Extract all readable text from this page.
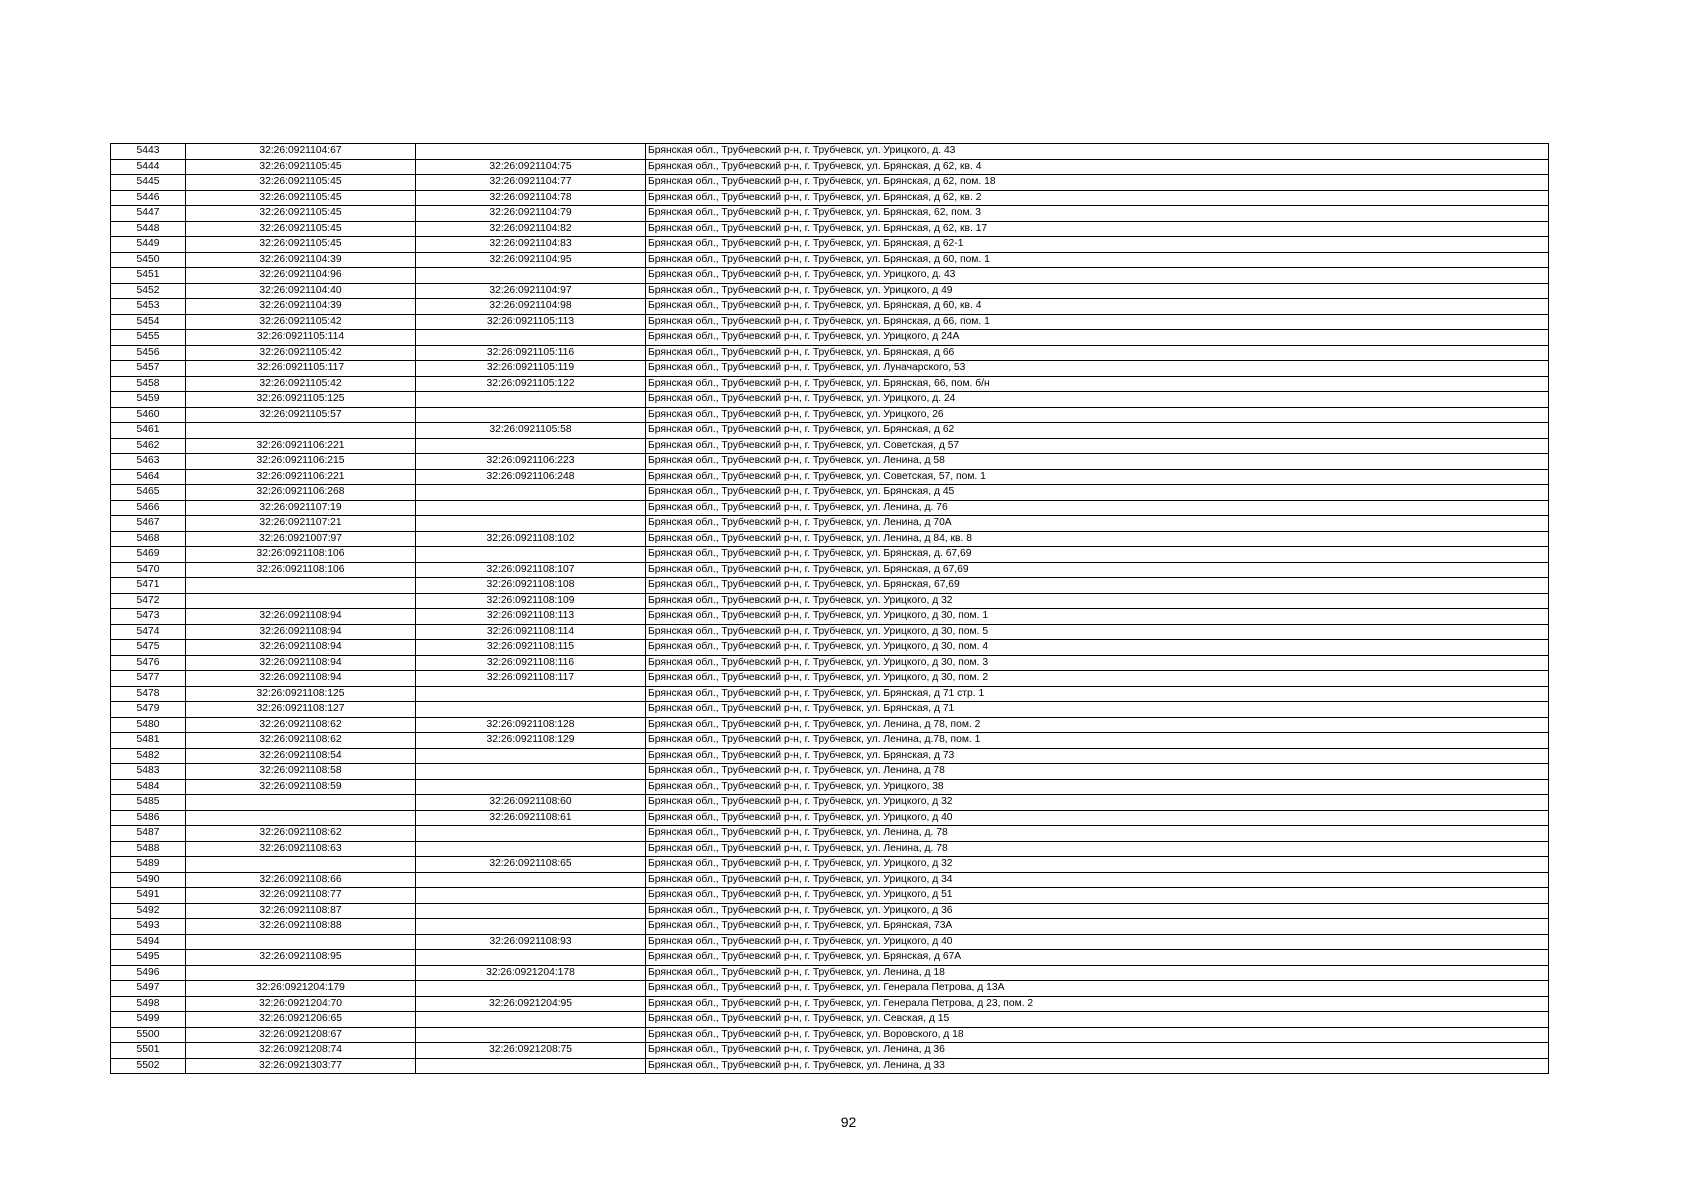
5443	32:26:0921104:67		Брянская обл., Трубчевский р-н, г. Трубчевск, ул. Урицкого, д. 43
5444	32:26:0921105:45	32:26:0921104:75	Брянская обл., Трубчевский р-н, г. Трубчевск, ул. Брянская, д 62, кв. 4
5445	32:26:0921105:45	32:26:0921104:77	Брянская обл., Трубчевский р-н, г. Трубчевск, ул. Брянская, д 62, пом. 18
5446	32:26:0921105:45	32:26:0921104:78	Брянская обл., Трубчевский р-н, г. Трубчевск, ул. Брянская, д 62, кв. 2
5447	32:26:0921105:45	32:26:0921104:79	Брянская обл., Трубчевский р-н, г. Трубчевск, ул. Брянская, 62, пом. 3
5448	32:26:0921105:45	32:26:0921104:82	Брянская обл., Трубчевский р-н, г. Трубчевск, ул. Брянская, д 62, кв. 17
5449	32:26:0921105:45	32:26:0921104:83	Брянская обл., Трубчевский р-н, г. Трубчевск, ул. Брянская, д 62-1
5450	32:26:0921104:39	32:26:0921104:95	Брянская обл., Трубчевский р-н, г. Трубчевск, ул. Брянская, д 60, пом. 1
5451	32:26:0921104:96		Брянская обл., Трубчевский р-н, г. Трубчевск, ул. Урицкого, д. 43
5452	32:26:0921104:40	32:26:0921104:97	Брянская обл., Трубчевский р-н, г. Трубчевск, ул. Урицкого, д 49
5453	32:26:0921104:39	32:26:0921104:98	Брянская обл., Трубчевский р-н, г. Трубчевск, ул. Брянская, д 60, кв. 4
5454	32:26:0921105:42	32:26:0921105:113	Брянская обл., Трубчевский р-н, г. Трубчевск, ул. Брянская, д 66, пом. 1
5455	32:26:0921105:114		Брянская обл., Трубчевский р-н, г. Трубчевск, ул. Урицкого, д 24А
5456	32:26:0921105:42	32:26:0921105:116	Брянская обл., Трубчевский р-н, г. Трубчевск, ул. Брянская, д 66
5457	32:26:0921105:117	32:26:0921105:119	Брянская обл., Трубчевский р-н, г. Трубчевск, ул. Луначарского, 53
5458	32:26:0921105:42	32:26:0921105:122	Брянская обл., Трубчевский р-н, г. Трубчевск, ул. Брянская, 66, пом. б/н
5459	32:26:0921105:125		Брянская обл., Трубчевский р-н, г. Трубчевск, ул. Урицкого, д. 24
5460	32:26:0921105:57		Брянская обл., Трубчевский р-н, г. Трубчевск, ул. Урицкого, 26
5461		32:26:0921105:58	Брянская обл., Трубчевский р-н, г. Трубчевск, ул. Брянская, д 62
5462	32:26:0921106:221		Брянская обл., Трубчевский р-н, г. Трубчевск, ул. Советская, д 57
5463	32:26:0921106:215	32:26:0921106:223	Брянская обл., Трубчевский р-н, г. Трубчевск, ул. Ленина, д 58
5464	32:26:0921106:221	32:26:0921106:248	Брянская обл., Трубчевский р-н, г. Трубчевск, ул. Советская, 57, пом. 1
5465	32:26:0921106:268		Брянская обл., Трубчевский р-н, г. Трубчевск, ул. Брянская, д 45
5466	32:26:0921107:19		Брянская обл., Трубчевский р-н, г. Трубчевск, ул. Ленина, д. 76
5467	32:26:0921107:21		Брянская обл., Трубчевский р-н, г. Трубчевск, ул. Ленина, д 70А
5468	32:26:0921007:97	32:26:0921108:102	Брянская обл., Трубчевский р-н, г. Трубчевск, ул. Ленина, д 84, кв. 8
5469	32:26:0921108:106		Брянская обл., Трубчевский р-н, г. Трубчевск, ул. Брянская, д. 67,69
5470	32:26:0921108:106	32:26:0921108:107	Брянская обл., Трубчевский р-н, г. Трубчевск, ул. Брянская, д 67,69
5471		32:26:0921108:108	Брянская обл., Трубчевский р-н, г. Трубчевск, ул. Брянская, 67,69
5472		32:26:0921108:109	Брянская обл., Трубчевский р-н, г. Трубчевск, ул. Урицкого, д 32
5473	32:26:0921108:94	32:26:0921108:113	Брянская обл., Трубчевский р-н, г. Трубчевск, ул. Урицкого, д 30, пом. 1
5474	32:26:0921108:94	32:26:0921108:114	Брянская обл., Трубчевский р-н, г. Трубчевск, ул. Урицкого, д 30, пом. 5
5475	32:26:0921108:94	32:26:0921108:115	Брянская обл., Трубчевский р-н, г. Трубчевск, ул. Урицкого, д 30, пом. 4
5476	32:26:0921108:94	32:26:0921108:116	Брянская обл., Трубчевский р-н, г. Трубчевск, ул. Урицкого, д 30, пом. 3
5477	32:26:0921108:94	32:26:0921108:117	Брянская обл., Трубчевский р-н, г. Трубчевск, ул. Урицкого, д 30, пом. 2
5478	32:26:0921108:125		Брянская обл., Трубчевский р-н, г. Трубчевск, ул. Брянская, д 71 стр. 1
5479	32:26:0921108:127		Брянская обл., Трубчевский р-н, г. Трубчевск, ул. Брянская, д 71
5480	32:26:0921108:62	32:26:0921108:128	Брянская обл., Трубчевский р-н, г. Трубчевск, ул. Ленина, д 78, пом. 2
5481	32:26:0921108:62	32:26:0921108:129	Брянская обл., Трубчевский р-н, г. Трубчевск, ул. Ленина, д.78, пом. 1
5482	32:26:0921108:54		Брянская обл., Трубчевский р-н, г. Трубчевск, ул. Брянская, д 73
5483	32:26:0921108:58		Брянская обл., Трубчевский р-н, г. Трубчевск, ул. Ленина, д 78
5484	32:26:0921108:59		Брянская обл., Трубчевский р-н, г. Трубчевск, ул. Урицкого, 38
5485		32:26:0921108:60	Брянская обл., Трубчевский р-н, г. Трубчевск, ул. Урицкого, д 32
5486		32:26:0921108:61	Брянская обл., Трубчевский р-н, г. Трубчевск, ул. Урицкого, д 40
5487	32:26:0921108:62		Брянская обл., Трубчевский р-н, г. Трубчевск, ул. Ленина, д. 78
5488	32:26:0921108:63		Брянская обл., Трубчевский р-н, г. Трубчевск, ул. Ленина, д. 78
5489		32:26:0921108:65	Брянская обл., Трубчевский р-н, г. Трубчевск, ул. Урицкого, д 32
5490	32:26:0921108:66		Брянская обл., Трубчевский р-н, г. Трубчевск, ул. Урицкого, д 34
5491	32:26:0921108:77		Брянская обл., Трубчевский р-н, г. Трубчевск, ул. Урицкого, д 51
5492	32:26:0921108:87		Брянская обл., Трубчевский р-н, г. Трубчевск, ул. Урицкого, д 36
5493	32:26:0921108:88		Брянская обл., Трубчевский р-н, г. Трубчевск, ул. Брянская, 73А
5494		32:26:0921108:93	Брянская обл., Трубчевский р-н, г. Трубчевск, ул. Урицкого, д 40
5495	32:26:0921108:95		Брянская обл., Трубчевский р-н, г. Трубчевск, ул. Брянская, д 67А
5496		32:26:0921204:178	Брянская обл., Трубчевский р-н, г. Трубчевск, ул. Ленина, д 18
5497	32:26:0921204:179		Брянская обл., Трубчевский р-н, г. Трубчевск, ул. Генерала Петрова, д 13А
5498	32:26:0921204:70	32:26:0921204:95	Брянская обл., Трубчевский р-н, г. Трубчевск, ул. Генерала Петрова, д 23, пом. 2
5499	32:26:0921206:65		Брянская обл., Трубчевский р-н, г. Трубчевск, ул. Севская, д 15
5500	32:26:0921208:67		Брянская обл., Трубчевский р-н, г. Трубчевск, ул. Воровского, д 18
5501	32:26:0921208:74	32:26:0921208:75	Брянская обл., Трубчевский р-н, г. Трубчевск, ул. Ленина, д 36
5502	32:26:0921303:77		Брянская обл., Трубчевский р-н, г. Трубчевск, ул. Ленина, д 33
92
